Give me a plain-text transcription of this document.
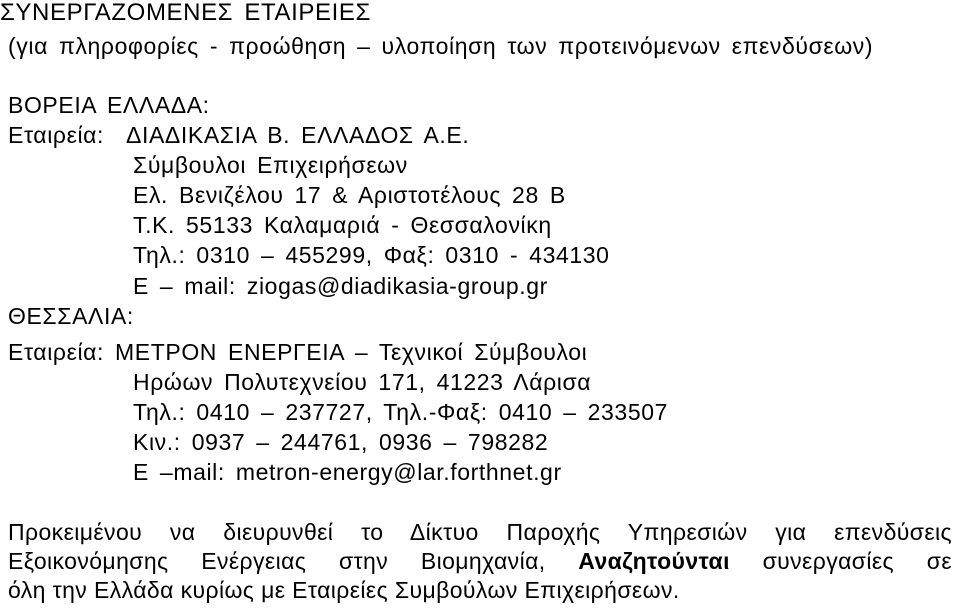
ΣΥΝΕΡΓΑΖΟΜΕΝΕΣ ΕΤΑΙΡΕΙΕΣ
(για πληροφορίες - προώθηση – υλοποίηση των προτεινόμενων επενδύσεων)
ΒΟΡΕΙΑ ΕΛΛΑΔΑ:
Εταιρεία: ΔΙΑΔΙΚΑΣΙΑ Β. ΕΛΛΑΔΟΣ Α.Ε.
Σύμβουλοι Επιχειρήσεων
Ελ. Βενιζέλου 17 & Αριστοτέλους 28 Β
Τ.Κ. 55133 Καλαμαριά - Θεσσαλονίκη
Τηλ.: 0310 – 455299, Φαξ: 0310 - 434130
E – mail: ziogas@diadikasia-group.gr
ΘΕΣΣΑΛΙΑ:
Εταιρεία: ΜΕΤΡΟΝ ΕΝΕΡΓΕΙΑ – Τεχνικοί Σύμβουλοι
Ηρώων Πολυτεχνείου 171, 41223 Λάρισα
Τηλ.: 0410 – 237727, Τηλ.-Φαξ: 0410 – 233507
Κιν.: 0937 – 244761, 0936 – 798282
E –mail: metron-energy@lar.forthnet.gr
Προκειμένου να διευρυνθεί το Δίκτυο Παροχής Υπηρεσιών για επενδύσεις
Εξοικονόμησης Ενέργειας στην Βιομηχανία, Αναζητούνται συνεργασίες σε
όλη την Ελλάδα κυρίως με Εταιρείες Συμβούλων Επιχειρήσεων.
